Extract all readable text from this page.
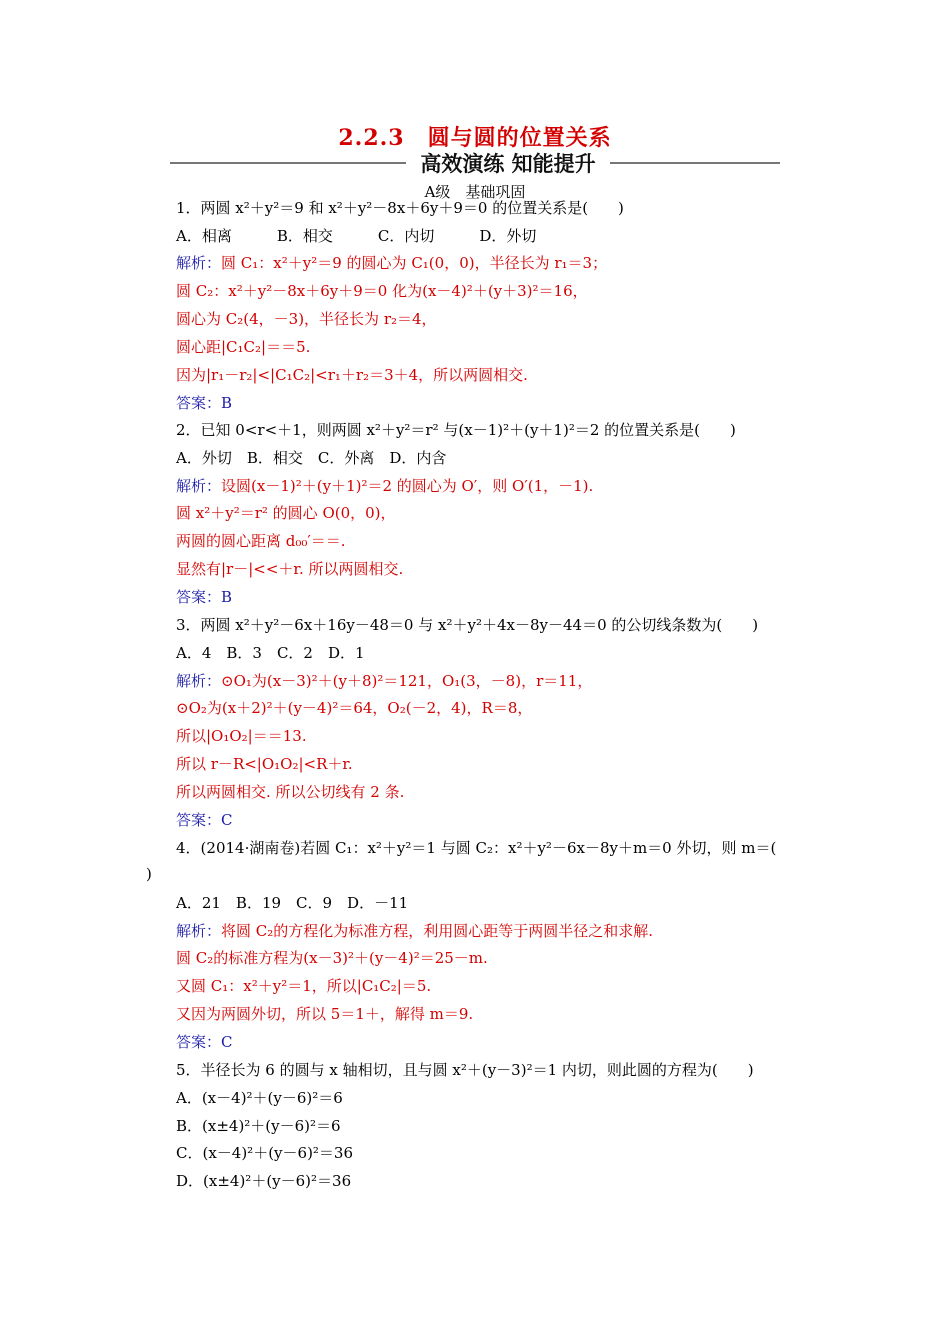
2.2.3　圆与圆的位置关系
高效演练 知能提升
A级　基础巩固
1．两圆 x²＋y²＝9 和 x²＋y²－8x＋6y＋9＝0 的位置关系是(　　)
A．相离　　　B．相交　　　C．内切　　　D．外切
解析：圆 C₁：x²＋y²＝9 的圆心为 C₁(0，0)，半径长为 r₁＝3；
圆 C₂：x²＋y²－8x＋6y＋9＝0 化为(x－4)²＋(y＋3)²＝16，
圆心为 C₂(4，－3)，半径长为 r₂＝4，
圆心距|C₁C₂|＝＝5.
因为|r₁－r₂|<|C₁C₂|<r₁＋r₂＝3＋4，所以两圆相交.
答案：B
2．已知 0<r<＋1，则两圆 x²＋y²＝r² 与(x－1)²＋(y＋1)²＝2 的位置关系是(　　)
A．外切　B．相交　C．外离　D．内含
解析：设圆(x－1)²＋(y＋1)²＝2 的圆心为 O′，则 O′(1，－1).
圆 x²＋y²＝r² 的圆心 O(0，0)，
两圆的圆心距离 d₀₀′＝＝.
显然有|r－|<<＋r. 所以两圆相交.
答案：B
3．两圆 x²＋y²－6x＋16y－48＝0 与 x²＋y²＋4x－8y－44＝0 的公切线条数为(　　)
A．4　B．3　C．2　D．1
解析：⊙O₁为(x－3)²＋(y＋8)²＝121，O₁(3，－8)，r＝11，
⊙O₂为(x＋2)²＋(y－4)²＝64，O₂(－2，4)，R＝8，
所以|O₁O₂|＝＝13.
所以 r－R<|O₁O₂|<R＋r.
所以两圆相交. 所以公切线有 2 条.
答案：C
4．(2014·湖南卷)若圆 C₁：x²＋y²＝1 与圆 C₂：x²＋y²－6x－8y＋m＝0 外切，则 m＝(
)
A．21　B．19　C．9　D．－11
解析：将圆 C₂的方程化为标准方程，利用圆心距等于两圆半径之和求解.
圆 C₂的标准方程为(x－3)²＋(y－4)²＝25－m.
又圆 C₁：x²＋y²＝1，所以|C₁C₂|＝5.
又因为两圆外切，所以 5＝1＋，解得 m＝9.
答案：C
5．半径长为 6 的圆与 x 轴相切，且与圆 x²＋(y－3)²＝1 内切，则此圆的方程为(　　)
A．(x－4)²＋(y－6)²＝6
B．(x±4)²＋(y－6)²＝6
C．(x－4)²＋(y－6)²＝36
D．(x±4)²＋(y－6)²＝36
